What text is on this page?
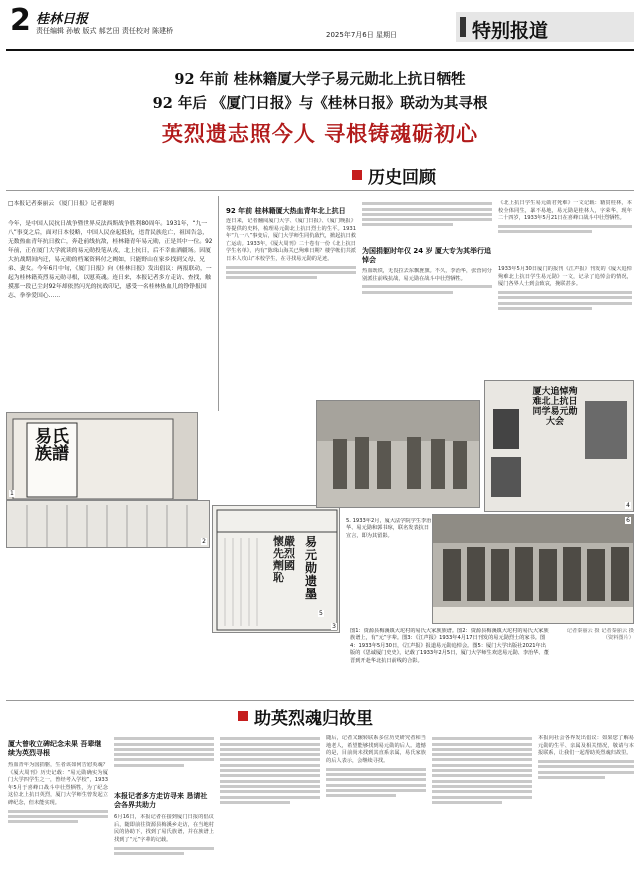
2 桂林日报
责任编辑 孙敏 版式 郝艺田 责任校对 陈建桥	2025年7月6日 星期日	特别报道
92 年前 桂林籍厦大学子易元勋北上抗日牺牲
92 年后 《厦门日报》与《桂林日报》联动为其寻根
英烈遗志照今人 寻根铸魂砺初心
历史回顾
□本报记者秦丽云 《厦门日报》记者谢炳
今年，是中国人民抗日战争暨世界反法西斯战争胜利80周年。1931年，“九一八”事变之后，面对日本侵略，中国人民奋起抵抗，违背民族危亡，祖国告急，无数热血青年抗日救亡，奔赴前线抗敌，桂林籍青年易元勋，正是其中一位。92年前，正在厦门大学就读的易元勋投笔从戎，北上抗日，后不幸血洒疆场。因厦大抗战期间内迁，易元勋的档案资料付之阙如，只能野山在家乡找到父母、兄弟、妻女。今年6月中旬，《厦门日报》向《桂林日报》发出倡议：两报联动，一起为桂林籍英烈易元勋寻根，以慰英魂。连日来，本报记者多方走访、查找，触摸那一段已尘封92年却依然闪光的抗战印记，感受一名桂林热血儿的铮铮报国志、拳拳爱国心……
92 年前 桂林籍厦大热血青年北上抗日
连日来，记者翻阅厦门大学、《厦门日报》、《厦门晚报》等提供的史料，梳理易元勋北上抗日烈士的生平。1931年“九一八”事变后，厦门大学师生同仇敌忾，掀起抗日救亡运动。1933年，《厦大周刊》二十卷有一份《北上抗日学生名单》，内有“陈珠山海关已殉难日期？楼学帐们共派日本人攻山”本校学生，在寻找易元勋的足迹。
为国捐躯时年仅 24 岁 厦大专为其举行追悼会
热血既铁，无畏拉去东飘旌旗。不久，李治华，张营同分别派往前线抗战，易元勋在战斗中壮烈牺牲。
《北上抗日学生易元勋君死难》一文记载：籍贯桂林，本校全体同生，暴不易地，易元勋是桂林人，字荣华，现年二十四岁，1933年5月21日在喜峰口战斗中壮烈牺牲。
1933年5月30日厦门的报刊《江声报》刊发的《厦大追悼殉难北上抗日学生易元勋》一文，记录了追悼会的情况，厦门各界人士到会致哀，挽联甚多。
易氏族譜
1
2	易元勋遗墨
懷嚴先烈 劑國恥
3
厦大追悼殉难北上抗日同学易元勋大会
4
5. 1933年2月，厦大法学院学生李治华、易元勋和郭书琼，联名发表抗日宣言，即为其留影。
5
6
图1：资源县梅溪镇大坨村的易氏大家族族谱。图2：资源县梅溪镇大坨村的易氏大家族族谱上，有“元”字辈。图3：《江声报》1933年4月17日刊发的易元勋烈士的家书。图4：1933年5月30日，《江声报》报道易元勋追悼会。图5：厦门大学出版社2021年出版的《思诚厦门史史》，记载了1933年2月5日，厦门大学师生欢送易元勋、李治华、董晋到开赴华北抗日前线的合影。
记者秦丽云 摄 记者秦丽云 摄 （资料图片）
助英烈魂归故里
厦大曾收立碑纪念未果 吾辈继续为英烈寻根
热血青年为国捐躯，生者该如何告慰英魂？《厦大周刊》历史记载：“易元勋确实为厦门大学四学生之一，曾经考入学校”，1933年5月于喜峰口战斗中壮烈牺牲，为了纪念这位北上抗日英烈，厦门大学师生曾发起立碑纪念，但未能实现。
本报记者多方走访寻来 恳请社会各界共助力
6月16日，本报记者在接到厦门日报的倡议后，随即前往资源县梅溪乡走访，在当地村民的协助下，找到了易氏族谱，并在族谱上找到了“元”字辈的记载。
随后，记者又辗转联系多位历史研究者和当地老人，希望能够找到易元勋的后人。遗憾的是，目前尚未找到其直系亲属，易氏家族的后人表示，会继续寻找。
本报向社会各界发出倡议：如果您了解易元勋的生平、亲属及相关情况，敬请与本报联系，让我们一起帮助英烈魂归故里。
